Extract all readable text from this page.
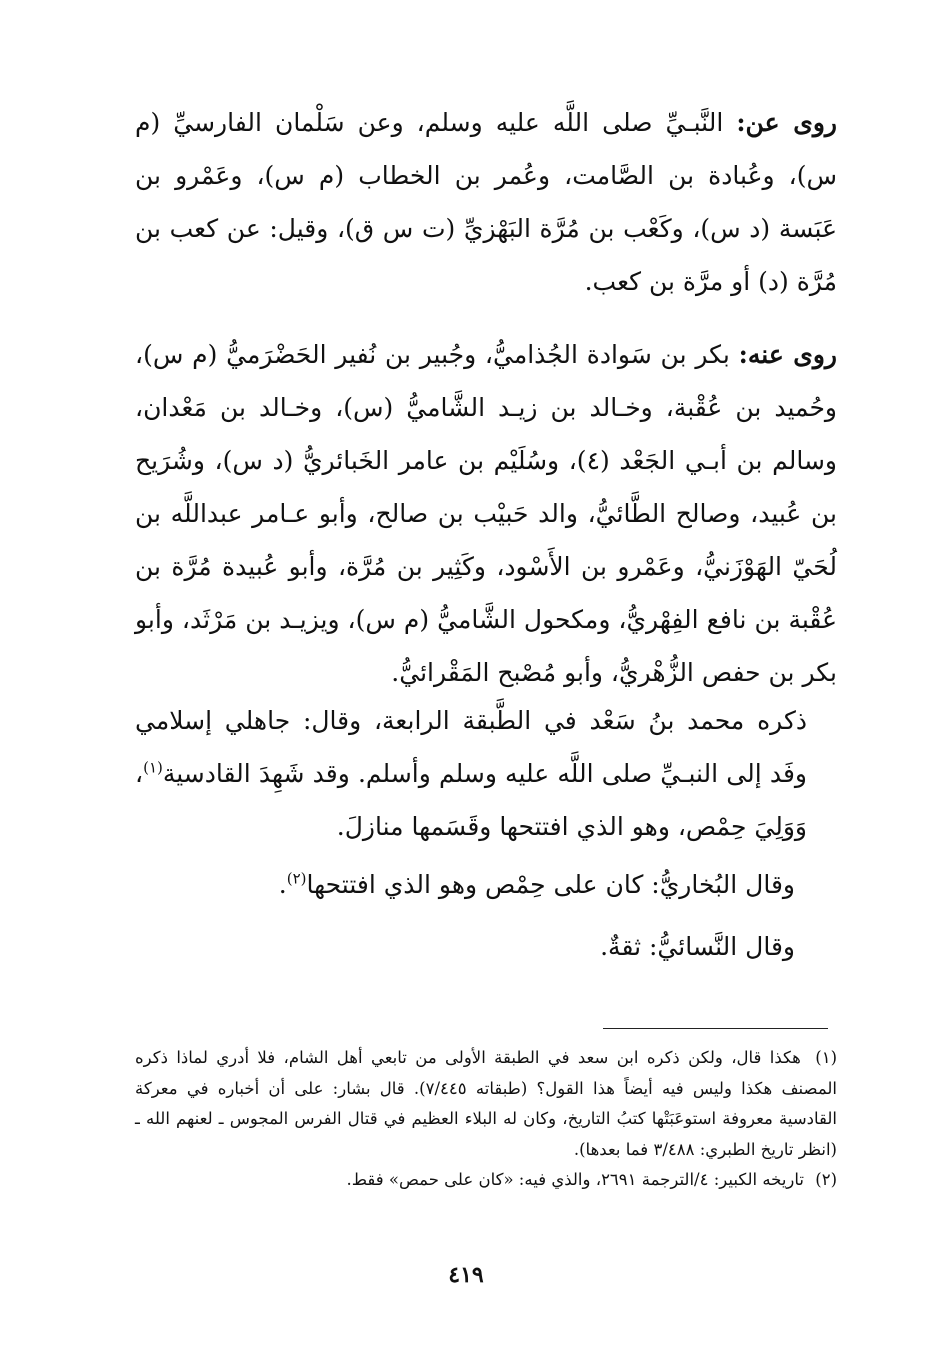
روى عن: النَّبـيِّ صلى اللَّه عليه وسلم، وعن سَلْمان الفارسيِّ (م س)، وعُبادة بن الصَّامت، وعُمر بن الخطاب (م س)، وعَمْرو بن عَبَسة (د س)، وكَعْب بن مُرَّة البَهْزيِّ (ت س ق)، وقيل: عن كعب بن مُرَّة (د) أو مرَّة بن كعب.

روى عنه: بكر بن سَوادة الجُذاميُّ، وجُبير بن نُفير الحَضْرَميُّ (م س)، وحُميد بن عُقْبة، وخـالد بن زيـد الشَّاميُّ (س)، وخـالد بن مَعْدان، وسالم بن أبـي الجَعْد (٤)، وسُلَيْم بن عامر الخَبائريُّ (د س)، وشُرَيح بن عُبيد، وصالح الطَّائيُّ، والد حَبيْب بن صالح، وأبو عـامر عبداللَّه بن لُحَيّ الهَوْزَنيُّ، وعَمْرو بن الأَسْود، وكَثِير بن مُرَّة، وأبو عُبيدة مُرَّة بن عُقْبة بن نافع الفِهْريُّ، ومكحول الشَّاميُّ (م س)، ويزيـد بن مَرْثَد، وأبو بكر بن حفص الزُّهْريُّ، وأبو مُصْبح المَقْرائيُّ.

ذكره محمد بنُ سَعْد في الطَّبقة الرابعة، وقال: جاهلي إسلامي وفَد إلى النبـيِّ صلى اللَّه عليه وسلم وأسلم. وقد شَهِدَ القادسية$^{(١)}$، وَوَلِيَ حِمْص، وهو الذي افتتحها وقَسَمها منازلَ.

وقال البُخاريُّ: كان على حِمْص وهو الذي افتتحها$^{(٢)}$.

وقال النَّسائيُّ: ثقةٌ.

(١) هكذا قال، ولكن ذكره ابن سعد في الطبقة الأولى من تابعي أهل الشام، فلا أدري لماذا ذكره المصنف هكذا وليس فيه أيضاً هذا القول؟ (طبقاته ٧/٤٤٥). قال بشار: على أن أخباره في معركة القادسية معروفة استوعَبَتْها كتبُ التاريخ، وكان له البلاء العظيم في قتال الفرس المجوس ـ لعنهم الله ـ (انظر تاريخ الطبري: ٣/٤٨٨ فما بعدها).

(٢) تاريخه الكبير: ٤/الترجمة ٢٦٩١، والذي فيه: «كان على حمص» فقط.

٤١٩
